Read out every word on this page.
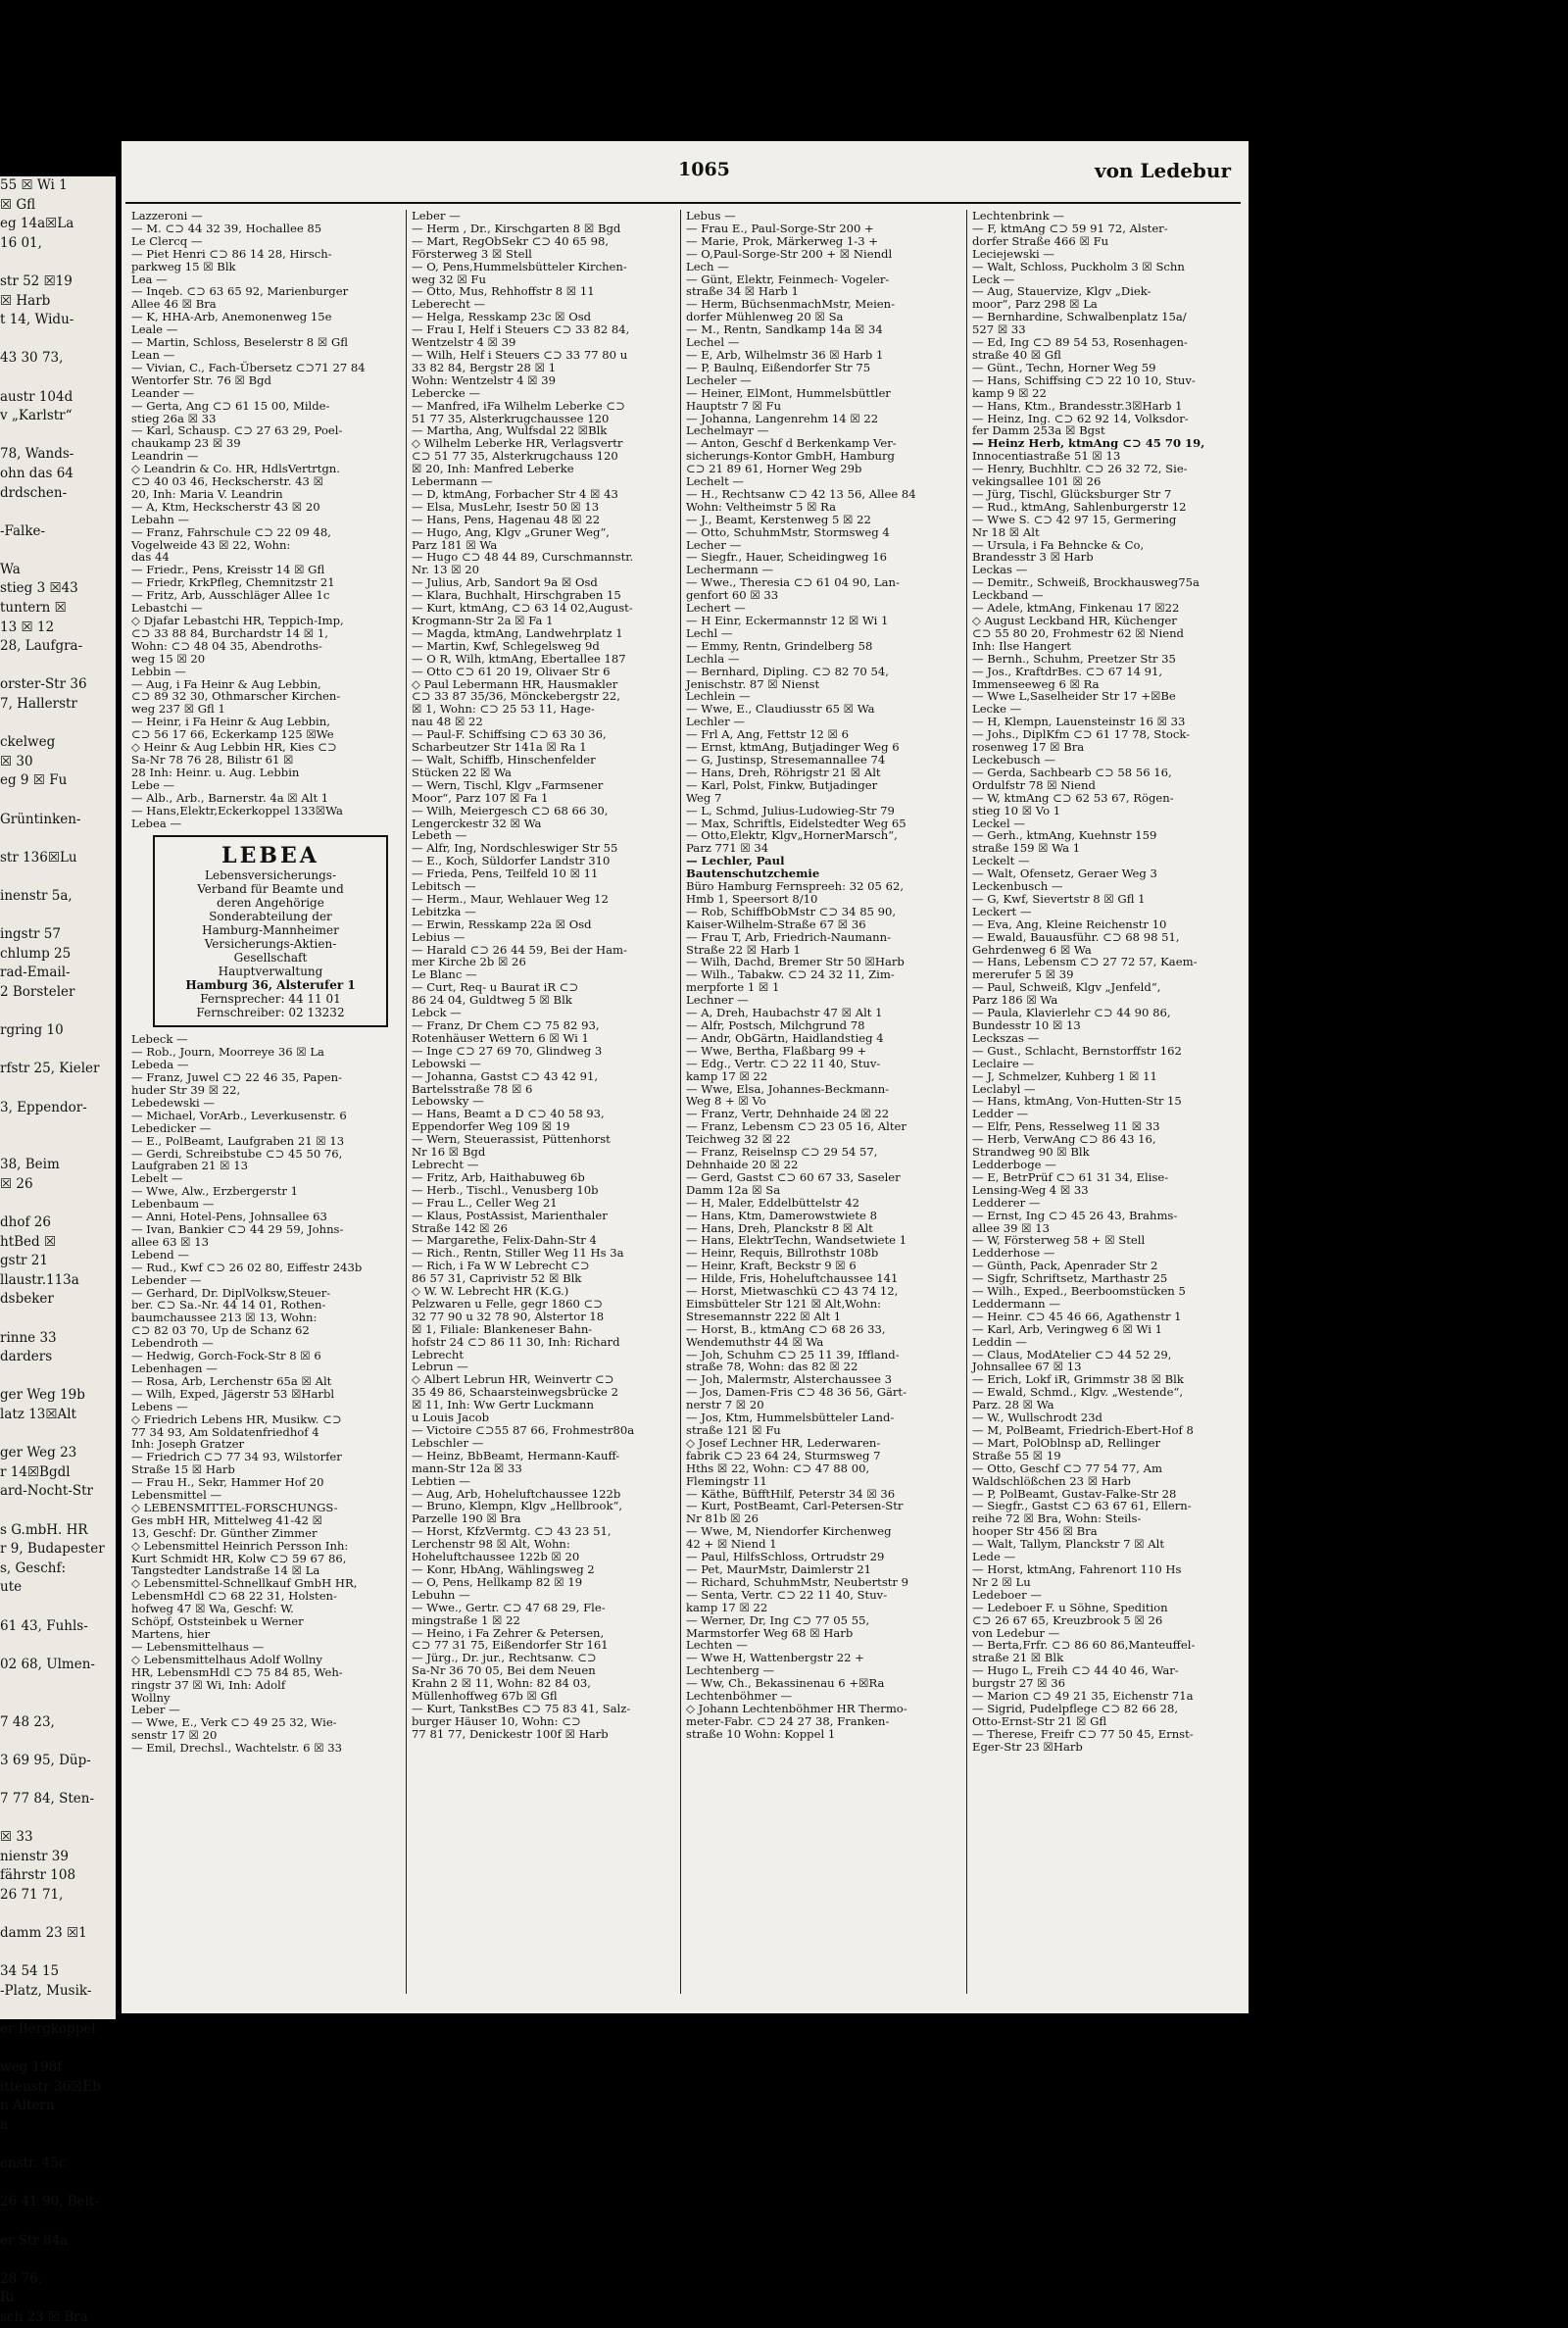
55 ☒ Wi 1
☒ Gfl
eg 14a☒La
16 01,

str 52 ☒19
☒ Harb
t 14, Widu-

43 30 73,

austr 104d
v „Karlstr“

78, Wands-
ohn das 64
drdschen-

-Falke-

Wa
stieg 3 ☒43
tuntern ☒
13 ☒ 12
28, Laufgra-

orster-Str 36
7, Hallerstr

ckelweg
☒ 30
eg 9 ☒ Fu

Grüntinken-

str 136☒Lu

inenstr 5a,

ingstr 57
chlump 25
rad-Email-
2 Borsteler

rgring 10

rfstr 25, Kieler

3, Eppendor-

38, Beim
☒ 26

dhof 26
htBed ☒
gstr 21
llaustr.113a
dsbeker

rinne 33
darders

ger Weg 19b
latz 13☒Alt

ger Weg 23
r 14☒Bgdl
ard-Nocht-Str

s G.mbH. HR
r 9, Budapester
s, Geschf:
ute

61 43, Fuhls-

02 68, Ulmen-

7 48 23,

3 69 95, Düp-

7 77 84, Sten-

☒ 33
nienstr 39
fährstr 108
26 71 71,

damm 23 ☒1

34 54 15
-Platz, Musik-

er Bergkoppel

weg 198f
ittenstr 36☒Eb
n Altern
a

enstr. 45c

26 41 90, Belt-

er Str 84a

28 76,
Ri
sch 23 ☒ Bra
1065	von Ledebur
Lazzeroni —
— M. ⊂⊃ 44 32 39, Hochallee 85
Le Clercq —
— Piet Henri ⊂⊃ 86 14 28, Hirsch-
parkweg 15 ☒ Blk
Lea —
— Inqeb. ⊂⊃ 63 65 92, Marienburger
Allee 46 ☒ Bra
— K, HHA-Arb, Anemonenweg 15e
Leale —
— Martin, Schloss, Beselerstr 8 ☒ Gfl
Lean —
— Vivian, C., Fach-Übersetz ⊂⊃71 27 84
Wentorfer Str. 76 ☒ Bgd
Leander —
— Gerta, Ang ⊂⊃ 61 15 00, Milde-
stieg 26a ☒ 33
— Karl, Schausp. ⊂⊃ 27 63 29, Poel-
chaukamp 23 ☒ 39
Leandrin —
◇ Leandrin & Co. HR, HdlsVertrtgn.
⊂⊃ 40 03 46, Heckscherstr. 43 ☒
20, Inh: Maria V. Leandrin
— A, Ktm, Heckscherstr 43 ☒ 20
Lebahn —
— Franz, Fahrschule ⊂⊃ 22 09 48,
Vogelweide 43 ☒ 22, Wohn:
das 44
— Friedr., Pens, Kreisstr 14 ☒ Gfl
— Friedr, KrkPfleg, Chemnitzstr 21
— Fritz, Arb, Ausschläger Allee 1c
Lebastchi —
◇ Djafar Lebastchi HR, Teppich-Imp,
⊂⊃ 33 88 84, Burchardstr 14 ☒ 1,
Wohn: ⊂⊃ 48 04 35, Abendroths-
weg 15 ☒ 20
Lebbin —
— Aug, i Fa Heinr & Aug Lebbin,
⊂⊃ 89 32 30, Othmarscher Kirchen-
weg 237 ☒ Gfl 1
— Heinr, i Fa Heinr & Aug Lebbin,
⊂⊃ 56 17 66, Eckerkamp 125 ☒We
◇ Heinr & Aug Lebbin HR, Kies ⊂⊃
Sa-Nr 78 76 28, Bilistr 61 ☒
28 Inh: Heinr. u. Aug. Lebbin
Lebe —
— Alb., Arb., Barnerstr. 4a ☒ Alt 1
— Hans,Elektr,Eckerkoppel 133☒Wa
Lebea —
LEBEA
Lebensversicherungs-
Verband für Beamte und
deren Angehörige
Sonderabteilung der
Hamburg-Mannheimer
Versicherungs-Aktien-
Gesellschaft
Hauptverwaltung
Hamburg 36, Alsterufer 1
Fernsprecher: 44 11 01
Fernschreiber: 02 13232
Lebeck —
— Rob., Journ, Moorreye 36 ☒ La
Lebeda —
— Franz, Juwel ⊂⊃ 22 46 35, Papen-
huder Str 39 ☒ 22,
Lebedewski —
— Michael, VorArb., Leverkusenstr. 6
Lebedicker —
— E., PolBeamt, Laufgraben 21 ☒ 13
— Gerdi, Schreibstube ⊂⊃ 45 50 76,
Laufgraben 21 ☒ 13
Lebelt —
— Wwe, Alw., Erzbergerstr 1
Lebenbaum —
— Anni, Hotel-Pens, Johnsallee 63
— Ivan, Bankier ⊂⊃ 44 29 59, Johns-
allee 63 ☒ 13
Lebend —
— Rud., Kwf ⊂⊃ 26 02 80, Eiffestr 243b
Lebender —
— Gerhard, Dr. DiplVolksw,Steuer-
ber. ⊂⊃ Sa.-Nr. 44 14 01, Rothen-
baumchaussee 213 ☒ 13, Wohn:
⊂⊃ 82 03 70, Up de Schanz 62
Lebendroth —
— Hedwig, Gorch-Fock-Str 8 ☒ 6
Lebenhagen —
— Rosa, Arb, Lerchenstr 65a ☒ Alt
— Wilh, Exped, Jägerstr 53 ☒Harbl
Lebens —
◇ Friedrich Lebens HR, Musikw. ⊂⊃
77 34 93, Am Soldatenfriedhof 4
Inh: Joseph Gratzer
— Friedrich ⊂⊃ 77 34 93, Wilstorfer
Straße 15 ☒ Harb
— Frau H., Sekr, Hammer Hof 20
Lebensmittel —
◇ LEBENSMITTEL-FORSCHUNGS-
Ges mbH HR, Mittelweg 41-42 ☒
13, Geschf: Dr. Günther Zimmer
◇ Lebensmittel Heinrich Persson Inh:
Kurt Schmidt HR, Kolw ⊂⊃ 59 67 86,
Tangstedter Landstraße 14 ☒ La
◇ Lebensmittel-Schnellkauf GmbH HR,
LebensmHdl ⊂⊃ 68 22 31, Holsten-
hofweg 47 ☒ Wa, Geschf: W.
Schöpf, Oststeinbek u Werner
Martens, hier
— Lebensmittelhaus —
◇ Lebensmittelhaus Adolf Wollny
HR, LebensmHdl ⊂⊃ 75 84 85, Weh-
ringstr 37 ☒ Wi, Inh: Adolf
Wollny
Leber —
— Wwe, E., Verk ⊂⊃ 49 25 32, Wie-
senstr 17 ☒ 20
— Emil, Drechsl., Wachtelstr. 6 ☒ 33
Leber —
— Herm , Dr., Kirschgarten 8 ☒ Bgd
— Mart, RegObSekr ⊂⊃ 40 65 98,
Försterweg 3 ☒ Stell
— O, Pens,Hummelsbütteler Kirchen-
weg 32 ☒ Fu
— Otto, Mus, Rehhoffstr 8 ☒ 11
Leberecht —
— Helga, Resskamp 23c ☒ Osd
— Frau I, Helf i Steuers ⊂⊃ 33 82 84,
Wentzelstr 4 ☒ 39
— Wilh, Helf i Steuers ⊂⊃ 33 77 80 u
33 82 84, Bergstr 28 ☒ 1
Wohn: Wentzelstr 4 ☒ 39
Lebercke —
— Manfred, iFa Wilhelm Leberke ⊂⊃
51 77 35, Alsterkrugchaussee 120
— Martha, Ang, Wulfsdal 22 ☒Blk
◇ Wilhelm Leberke HR, Verlagsvertr
⊂⊃ 51 77 35, Alsterkrugchauss 120
☒ 20, Inh: Manfred Leberke
Lebermann —
— D, ktmAng, Forbacher Str 4 ☒ 43
— Elsa, MusLehr, Isestr 50 ☒ 13
— Hans, Pens, Hagenau 48 ☒ 22
— Hugo, Ang, Klgv „Gruner Weg“,
Parz 181 ☒ Wa
— Hugo ⊂⊃ 48 44 89, Curschmannstr.
Nr. 13 ☒ 20
— Julius, Arb, Sandort 9a ☒ Osd
— Klara, Buchhalt, Hirschgraben 15
— Kurt, ktmAng, ⊂⊃ 63 14 02,August-
Krogmann-Str 2a ☒ Fa 1
— Magda, ktmAng, Landwehrplatz 1
— Martin, Kwf, Schlegelsweg 9d
— O R, Wilh, ktmAng, Ebertallee 187
— Otto ⊂⊃ 61 20 19, Olivaer Str 6
◇ Paul Lebermann HR, Hausmakler
⊂⊃ 33 87 35/36, Mönckebergstr 22,
☒ 1, Wohn: ⊂⊃ 25 53 11, Hage-
nau 48 ☒ 22
— Paul-F. Schiffsing ⊂⊃ 63 30 36,
Scharbeutzer Str 141a ☒ Ra 1
— Walt, Schiffb, Hinschenfelder
Stücken 22 ☒ Wa
— Wern, Tischl, Klgv „Farmsener
Moor“, Parz 107 ☒ Fa 1
— Wilh, Meiergesch ⊂⊃ 68 66 30,
Lengerckestr 32 ☒ Wa
Lebeth —
— Alfr, Ing, Nordschleswiger Str 55
— E., Koch, Süldorfer Landstr 310
— Frieda, Pens, Teilfeld 10 ☒ 11
Lebitsch —
— Herm., Maur, Wehlauer Weg 12
Lebitzka —
— Erwin, Resskamp 22a ☒ Osd
Lebius —
— Harald ⊂⊃ 26 44 59, Bei der Ham-
mer Kirche 2b ☒ 26
Le Blanc —
— Curt, Req- u Baurat iR ⊂⊃
86 24 04, Guldtweg 5 ☒ Blk
Lebck —
— Franz, Dr Chem ⊂⊃ 75 82 93,
Rotenhäuser Wettern 6 ☒ Wi 1
— Inge ⊂⊃ 27 69 70, Glindweg 3
Lebowski —
— Johanna, Gastst ⊂⊃ 43 42 91,
Bartelsstraße 78 ☒ 6
Lebowsky —
— Hans, Beamt a D ⊂⊃ 40 58 93,
Eppendorfer Weg 109 ☒ 19
— Wern, Steuerassist, Püttenhorst
Nr 16 ☒ Bgd
Lebrecht —
— Fritz, Arb, Haithabuweg 6b
— Herb., Tischl., Venusberg 10b
— Frau L., Celler Weg 21
— Klaus, PostAssist, Marienthaler
Straße 142 ☒ 26
— Margarethe, Felix-Dahn-Str 4
— Rich., Rentn, Stiller Weg 11 Hs 3a
— Rich, i Fa W W Lebrecht ⊂⊃
86 57 31, Caprivistr 52 ☒ Blk
◇ W. W. Lebrecht HR (K.G.)
Pelzwaren u Felle, gegr 1860 ⊂⊃
32 77 90 u 32 78 90, Alstertor 18
☒ 1, Filiale: Blankeneser Bahn-
hofstr 24 ⊂⊃ 86 11 30, Inh: Richard
Lebrecht
Lebrun —
◇ Albert Lebrun HR, Weinvertr ⊂⊃
35 49 86, Schaarsteinwegsbrücke 2
☒ 11, Inh: Ww Gertr Luckmann
u Louis Jacob
— Victoire ⊂⊃55 87 66, Frohmestr80a
Lebschler —
— Heinz, BbBeamt, Hermann-Kauff-
mann-Str 12a ☒ 33
Lebtien —
— Aug, Arb, Hoheluftchaussee 122b
— Bruno, Klempn, Klgv „Hellbrook“,
Parzelle 190 ☒ Bra
— Horst, KfzVermtg. ⊂⊃ 43 23 51,
Lerchenstr 98 ☒ Alt, Wohn:
Hoheluftchaussee 122b ☒ 20
— Konr, HbAng, Wählingsweg 2
— O, Pens, Hellkamp 82 ☒ 19
Lebuhn —
— Wwe., Gertr. ⊂⊃ 47 68 29, Fle-
mingstraße 1 ☒ 22
— Heino, i Fa Zehrer & Petersen,
⊂⊃ 77 31 75, Eißendorfer Str 161
— Jürg., Dr. jur., Rechtsanw. ⊂⊃
Sa-Nr 36 70 05, Bei dem Neuen
Krahn 2 ☒ 11, Wohn: 82 84 03,
Müllenhoffweg 67b ☒ Gfl
— Kurt, TankstBes ⊂⊃ 75 83 41, Salz-
burger Häuser 10, Wohn: ⊂⊃
77 81 77, Denickestr 100f ☒ Harb
Lebus —
— Frau E., Paul-Sorge-Str 200 +
— Marie, Prok, Märkerweg 1-3 +
— O,Paul-Sorge-Str 200 + ☒ Niendl
Lech —
— Günt, Elektr, Feinmech- Vogeler-
straße 34 ☒ Harb 1
— Herm, BüchsenmachMstr, Meien-
dorfer Mühlenweg 20 ☒ Sa
— M., Rentn, Sandkamp 14a ☒ 34
Lechel —
— E, Arb, Wilhelmstr 36 ☒ Harb 1
— P, Baulnq, Eißendorfer Str 75
Lecheler —
— Heiner, ElMont, Hummelsbüttler
Hauptstr 7 ☒ Fu
— Johanna, Langenrehm 14 ☒ 22
Lechelmayr —
— Anton, Geschf d Berkenkamp Ver-
sicherungs-Kontor GmbH, Hamburg
⊂⊃ 21 89 61, Horner Weg 29b
Lechelt —
— H., Rechtsanw ⊂⊃ 42 13 56, Allee 84
Wohn: Veltheimstr 5 ☒ Ra
— J., Beamt, Kerstenweg 5 ☒ 22
— Otto, SchuhmMstr, Stormsweg 4
Lecher —
— Siegfr., Hauer, Scheidingweg 16
Lechermann —
— Wwe., Theresia ⊂⊃ 61 04 90, Lan-
genfort 60 ☒ 33
Lechert —
— H Einr, Eckermannstr 12 ☒ Wi 1
Lechl —
— Emmy, Rentn, Grindelberg 58
Lechla —
— Bernhard, Dipling. ⊂⊃ 82 70 54,
Jenischstr. 87 ☒ Nienst
Lechlein —
— Wwe, E., Claudiusstr 65 ☒ Wa
Lechler —
— Frl A, Ang, Fettstr 12 ☒ 6
— Ernst, ktmAng, Butjadinger Weg 6
— G, Justinsp, Stresemannallee 74
— Hans, Dreh, Röhrigstr 21 ☒ Alt
— Karl, Polst, Finkw, Butjadinger
Weg 7
— L, Schmd, Julius-Ludowieg-Str 79
— Max, Schriftls, Eidelstedter Weg 65
— Otto,Elektr, Klgv„HornerMarsch“,
Parz 771 ☒ 34
— Lechler, Paul
Bautenschutzchemie
Büro Hamburg Fernspreeh: 32 05 62,
Hmb 1, Speersort 8/10
— Rob, SchiffbObMstr ⊂⊃ 34 85 90,
Kaiser-Wilhelm-Straße 67 ☒ 36
— Frau T, Arb, Friedrich-Naumann-
Straße 22 ☒ Harb 1
— Wilh, Dachd, Bremer Str 50 ☒Harb
— Wilh., Tabakw. ⊂⊃ 24 32 11, Zim-
merpforte 1 ☒ 1
Lechner —
— A, Dreh, Haubachstr 47 ☒ Alt 1
— Alfr, Postsch, Milchgrund 78
— Andr, ObGärtn, Haidlandstieg 4
— Wwe, Bertha, Flaßbarg 99 +
— Edg., Vertr. ⊂⊃ 22 11 40, Stuv-
kamp 17 ☒ 22
— Wwe, Elsa, Johannes-Beckmann-
Weg 8 + ☒ Vo
— Franz, Vertr, Dehnhaide 24 ☒ 22
— Franz, Lebensm ⊂⊃ 23 05 16, Alter
Teichweg 32 ☒ 22
— Franz, Reiselnsp ⊂⊃ 29 54 57,
Dehnhaide 20 ☒ 22
— Gerd, Gastst ⊂⊃ 60 67 33, Saseler
Damm 12a ☒ Sa
— H, Maler, Eddelbüttelstr 42
— Hans, Ktm, Damerowstwiete 8
— Hans, Dreh, Planckstr 8 ☒ Alt
— Hans, ElektrTechn, Wandsetwiete 1
— Heinr, Requis, Billrothstr 108b
— Heinr, Kraft, Beckstr 9 ☒ 6
— Hilde, Fris, Hoheluftchaussee 141
— Horst, Mietwaschkü ⊂⊃ 43 74 12,
Eimsbütteler Str 121 ☒ Alt,Wohn:
Stresemannstr 222 ☒ Alt 1
— Horst, B., ktmAng ⊂⊃ 68 26 33,
Wendemuthstr 44 ☒ Wa
— Joh, Schuhm ⊂⊃ 25 11 39, Iffland-
straße 78, Wohn: das 82 ☒ 22
— Joh, Malermstr, Alsterchaussee 3
— Jos, Damen-Fris ⊂⊃ 48 36 56, Gärt-
nerstr 7 ☒ 20
— Jos, Ktm, Hummelsbütteler Land-
straße 121 ☒ Fu
◇ Josef Lechner HR, Lederwaren-
fabrik ⊂⊃ 23 64 24, Sturmsweg 7
Hths ☒ 22, Wohn: ⊂⊃ 47 88 00,
Flemingstr 11
— Käthe, BüfftHilf, Peterstr 34 ☒ 36
— Kurt, PostBeamt, Carl-Petersen-Str
Nr 81b ☒ 26
— Wwe, M, Niendorfer Kirchenweg
42 + ☒ Niend 1
— Paul, HilfsSchloss, Ortrudstr 29
— Pet, MaurMstr, Daimlerstr 21
— Richard, SchuhmMstr, Neubertstr 9
— Senta, Vertr. ⊂⊃ 22 11 40, Stuv-
kamp 17 ☒ 22
— Werner, Dr, Ing ⊂⊃ 77 05 55,
Marmstorfer Weg 68 ☒ Harb
Lechten —
— Wwe H, Wattenbergstr 22 +
Lechtenberg —
— Ww, Ch., Bekassinenau 6 +☒Ra
Lechtenböhmer —
◇ Johann Lechtenböhmer HR Thermo-
meter-Fabr. ⊂⊃ 24 27 38, Franken-
straße 10 Wohn: Koppel 1
Lechtenbrink —
— F, ktmAng ⊂⊃ 59 91 72, Alster-
dorfer Straße 466 ☒ Fu
Leciejewski —
— Walt, Schloss, Puckholm 3 ☒ Schn
Leck —
— Aug, Stauervize, Klgv „Diek-
moor“, Parz 298 ☒ La
— Bernhardine, Schwalbenplatz 15a/
527 ☒ 33
— Ed, Ing ⊂⊃ 89 54 53, Rosenhagen-
straße 40 ☒ Gfl
— Günt., Techn, Horner Weg 59
— Hans, Schiffsing ⊂⊃ 22 10 10, Stuv-
kamp 9 ☒ 22
— Hans, Ktm., Brandesstr.3☒Harb 1
— Heinz, Ing. ⊂⊃ 62 92 14, Volksdor-
fer Damm 253a ☒ Bgst
— Heinz Herb, ktmAng ⊂⊃ 45 70 19,
Innocentiastraße 51 ☒ 13
— Henry, Buchhltr. ⊂⊃ 26 32 72, Sie-
vekingsallee 101 ☒ 26
— Jürg, Tischl, Glücksburger Str 7
— Rud., ktmAng, Sahlenburgerstr 12
— Wwe S. ⊂⊃ 42 97 15, Germering
Nr 18 ☒ Alt
— Ursula, i Fa Behncke & Co,
Brandesstr 3 ☒ Harb
Leckas —
— Demitr., Schweiß, Brockhausweg75a
Leckband —
— Adele, ktmAng, Finkenau 17 ☒22
◇ August Leckband HR, Küchenger
⊂⊃ 55 80 20, Frohmestr 62 ☒ Niend
Inh: Ilse Hangert
— Bernh., Schuhm, Preetzer Str 35
— Jos., KraftdrBes. ⊂⊃ 67 14 91,
Immenseeweg 6 ☒ Ra
— Wwe L,Saselheider Str 17 +☒Be
Lecke —
— H, Klempn, Lauensteinstr 16 ☒ 33
— Johs., DiplKfm ⊂⊃ 61 17 78, Stock-
rosenweg 17 ☒ Bra
Leckebusch —
— Gerda, Sachbearb ⊂⊃ 58 56 16,
Ordulfstr 78 ☒ Niend
— W, ktmAng ⊂⊃ 62 53 67, Rögen-
stieg 10 ☒ Vo 1
Leckel —
— Gerh., ktmAng, Kuehnstr 159
straße 159 ☒ Wa 1
Leckelt —
— Walt, Ofensetz, Geraer Weg 3
Leckenbusch —
— G, Kwf, Sievertstr 8 ☒ Gfl 1
Leckert —
— Eva, Ang, Kleine Reichenstr 10
— Ewald, Bauausführ. ⊂⊃ 68 98 51,
Gehrdenweg 6 ☒ Wa
— Hans, Lebensm ⊂⊃ 27 72 57, Kaem-
mererufer 5 ☒ 39
— Paul, Schweiß, Klgv „Jenfeld“,
Parz 186 ☒ Wa
— Paula, Klavierlehr ⊂⊃ 44 90 86,
Bundesstr 10 ☒ 13
Leckszas —
— Gust., Schlacht, Bernstorffstr 162
Leclaire —
— J, Schmelzer, Kuhberg 1 ☒ 11
Leclabyl —
— Hans, ktmAng, Von-Hutten-Str 15
Ledder —
— Elfr, Pens, Resselweg 11 ☒ 33
— Herb, VerwAng ⊂⊃ 86 43 16,
Strandweg 90 ☒ Blk
Ledderboge —
— E, BetrPrüf ⊂⊃ 61 31 34, Elise-
Lensing-Weg 4 ☒ 33
Ledderer —
— Ernst, Ing ⊂⊃ 45 26 43, Brahms-
allee 39 ☒ 13
— W, Försterweg 58 + ☒ Stell
Ledderhose —
— Günth, Pack, Apenrader Str 2
— Sigfr, Schriftsetz, Marthastr 25
— Wilh., Exped., Beerboomstücken 5
Leddermann —
— Heinr. ⊂⊃ 45 46 66, Agathenstr 1
— Karl, Arb, Veringweg 6 ☒ Wi 1
Leddin —
— Claus, ModAtelier ⊂⊃ 44 52 29,
Johnsallee 67 ☒ 13
— Erich, Lokf iR, Grimmstr 38 ☒ Blk
— Ewald, Schmd., Klgv. „Westende“,
Parz. 28 ☒ Wa
— W., Wullschrodt 23d
— M, PolBeamt, Friedrich-Ebert-Hof 8
— Mart, PolOblnsp aD, Rellinger
Straße 55 ☒ 19
— Otto, Geschf ⊂⊃ 77 54 77, Am
Waldschlößchen 23 ☒ Harb
— P, PolBeamt, Gustav-Falke-Str 28
— Siegfr., Gastst ⊂⊃ 63 67 61, Ellern-
reihe 72 ☒ Bra, Wohn: Steils-
hooper Str 456 ☒ Bra
— Walt, Tallym, Planckstr 7 ☒ Alt
Lede —
— Horst, ktmAng, Fahrenort 110 Hs
Nr 2 ☒ Lu
Ledeboer —
— Ledeboer F. u Söhne, Spedition
⊂⊃ 26 67 65, Kreuzbrook 5 ☒ 26
von Ledebur —
— Berta,Frfr. ⊂⊃ 86 60 86,Manteuffel-
straße 21 ☒ Blk
— Hugo L, Freih ⊂⊃ 44 40 46, War-
burgstr 27 ☒ 36
— Marion ⊂⊃ 49 21 35, Eichenstr 71a
— Sigrid, Pudelpflege ⊂⊃ 82 66 28,
Otto-Ernst-Str 21 ☒ Gfl
— Therese, Freifr ⊂⊃ 77 50 45, Ernst-
Eger-Str 23 ☒Harb
